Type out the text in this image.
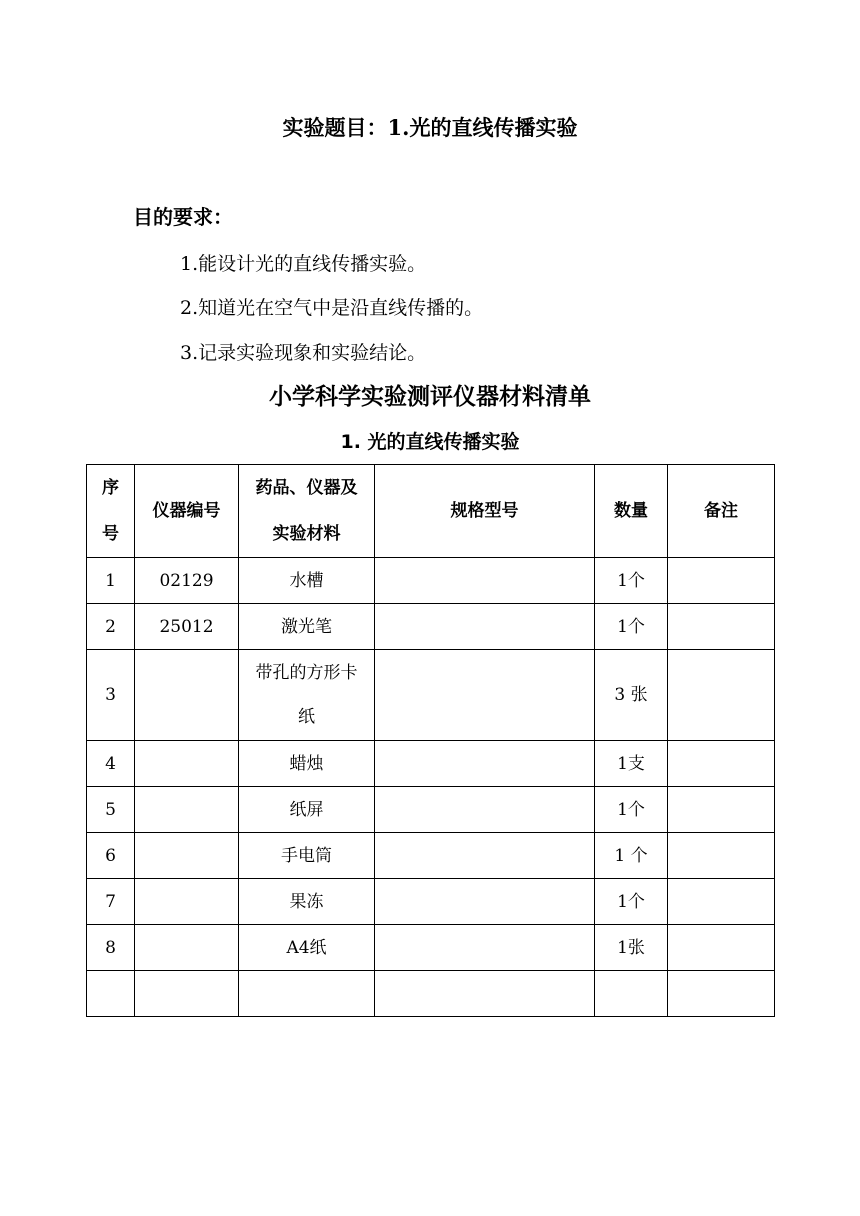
实验题目：1.光的直线传播实验
目的要求：
1.能设计光的直线传播实验。
2.知道光在空气中是沿直线传播的。
3.记录实验现象和实验结论。
小学科学实验测评仪器材料清单
1. 光的直线传播实验
序号	仪器编号	药品、仪器及实验材料	规格型号	数量	备注
1	02129	水槽		1个	
2	25012	激光笔		1个	
3		带孔的方形卡纸		3 张	
4		蜡烛		1支	
5		纸屏		1个	
6		手电筒		1 个	
7		果冻		1个	
8		A4纸		1张	
